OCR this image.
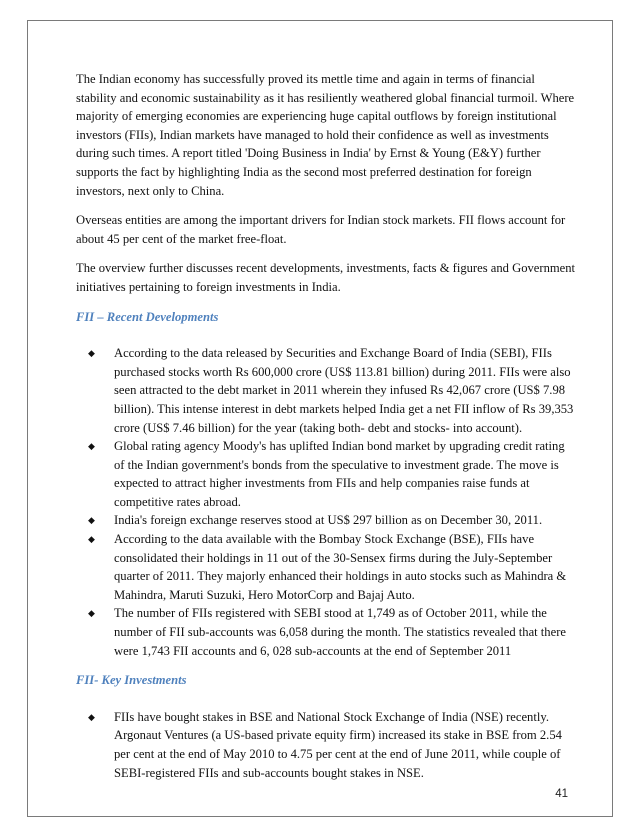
The Indian economy has successfully proved its mettle time and again in terms of financial stability and economic sustainability as it has resiliently weathered global financial turmoil. Where majority of emerging economies are experiencing huge capital outflows by foreign institutional investors (FIIs), Indian markets have managed to hold their confidence as well as investments during such times. A report titled 'Doing Business in India' by Ernst & Young (E&Y) further supports the fact by highlighting India as the second most preferred destination for foreign investors, next only to China.

Overseas entities are among the important drivers for Indian stock markets. FII flows account for about 45 per cent of the market free-float.

The overview further discusses recent developments, investments, facts & figures and Government initiatives pertaining to foreign investments in India.

FII – Recent Developments

◆ According to the data released by Securities and Exchange Board of India (SEBI), FIIs purchased stocks worth Rs 600,000 crore (US$ 113.81 billion) during 2011. FIIs were also seen attracted to the debt market in 2011 wherein they infused Rs 42,067 crore (US$ 7.98 billion). This intense interest in debt markets helped India get a net FII inflow of Rs 39,353 crore (US$ 7.46 billion) for the year (taking both- debt and stocks- into account).
◆ Global rating agency Moody's has uplifted Indian bond market by upgrading credit rating of the Indian government's bonds from the speculative to investment grade. The move is expected to attract higher investments from FIIs and help companies raise funds at competitive rates abroad.
◆ India's foreign exchange reserves stood at US$ 297 billion as on December 30, 2011.
◆ According to the data available with the Bombay Stock Exchange (BSE), FIIs have consolidated their holdings in 11 out of the 30-Sensex firms during the July-September quarter of 2011. They majorly enhanced their holdings in auto stocks such as Mahindra & Mahindra, Maruti Suzuki, Hero MotorCorp and Bajaj Auto.
◆ The number of FIIs registered with SEBI stood at 1,749 as of October 2011, while the number of FII sub-accounts was 6,058 during the month. The statistics revealed that there were 1,743 FII accounts and 6, 028 sub-accounts at the end of September 2011

FII- Key Investments

◆ FIIs have bought stakes in BSE and National Stock Exchange of India (NSE) recently. Argonaut Ventures (a US-based private equity firm) increased its stake in BSE from 2.54 per cent at the end of May 2010 to 4.75 per cent at the end of June 2011, while couple of SEBI-registered FIIs and sub-accounts bought stakes in NSE.
41
